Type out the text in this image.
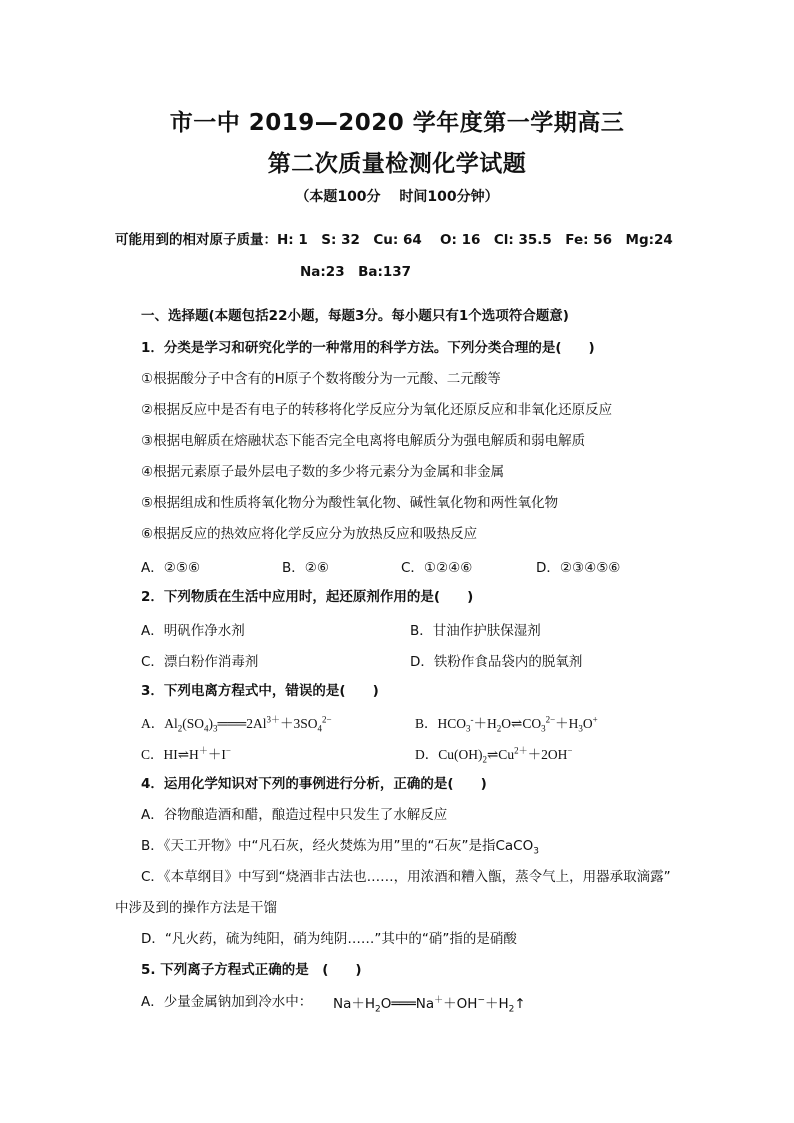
市一中 2019—2020 学年度第一学期高三
第二次质量检测化学试题
（本题100分　 时间100分钟）
可能用到的相对原子质量：H: 1　S: 32　Cu: 64　 O: 16　Cl: 35.5　Fe: 56　Mg:24
Na:23　Ba:137
一、选择题(本题包括22小题，每题3分。每小题只有1个选项符合题意)
1．分类是学习和研究化学的一种常用的科学方法。下列分类合理的是(　　)
①根据酸分子中含有的H原子个数将酸分为一元酸、二元酸等
②根据反应中是否有电子的转移将化学反应分为氧化还原反应和非氧化还原反应
③根据电解质在熔融状态下能否完全电离将电解质分为强电解质和弱电解质
④根据元素原子最外层电子数的多少将元素分为金属和非金属
⑤根据组成和性质将氧化物分为酸性氧化物、碱性氧化物和两性氧化物
⑥根据反应的热效应将化学反应分为放热反应和吸热反应
A．②⑤⑥	B．②⑥	C．①②④⑥	D．②③④⑤⑥
2．下列物质在生活中应用时，起还原剂作用的是(　　)
A．明矾作净水剂	B．甘油作护肤保湿剂
C．漂白粉作消毒剂	D．铁粉作食品袋内的脱氧剂
3．下列电离方程式中，错误的是(　　)
A．$Al_2(SO_4)_3═══2Al^{3+}+3SO_4^{2-}$	B．$HCO_3^-+H_2O\rightleftharpoons CO_3^{2-}+H_3O^+$
C．HI⇌H＋＋I−	D．$Cu(OH)_2\rightleftharpoons Cu^{2+}+2OH^-$
4．运用化学知识对下列的事例进行分析，正确的是(　　)
A．谷物酿造酒和醋，酿造过程中只发生了水解反应
B．《天工开物》中“凡石灰，经火焚炼为用”里的“石灰”是指CaCO$_3$
C．《本草纲目》中写到“烧酒非古法也……，用浓酒和糟入甑，蒸令气上，用器承取滴露”
中涉及到的操作方法是干馏
D．“凡火药，硫为纯阳，硝为纯阴……”其中的“硝”指的是硝酸
5. 下列离子方程式正确的是　(　　)
A．少量金属钠加到冷水中： $Na+H_2O═══Na^++OH^-+H_2↑$
